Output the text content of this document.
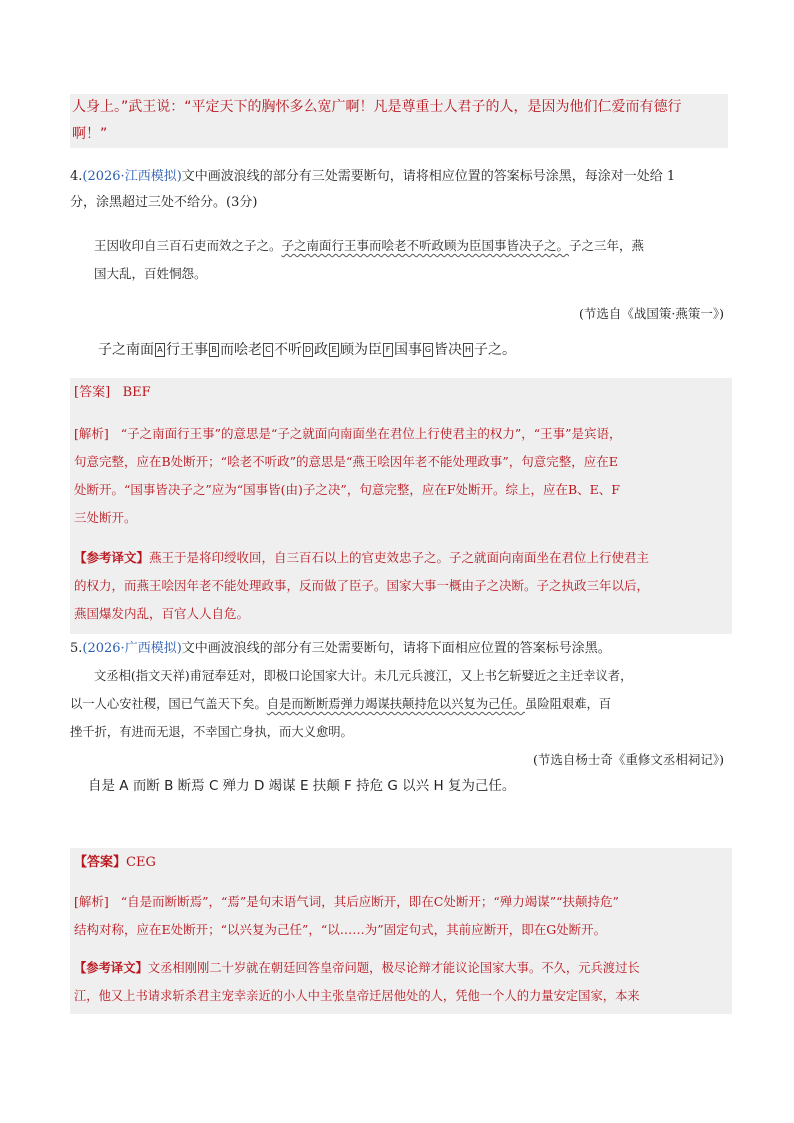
人身上。”武王说：“平定天下的胸怀多么宽广啊！凡是尊重士人君子的人，是因为他们仁爱而有德行

啊！”

4.(2026·江西模拟)文中画波浪线的部分有三处需要断句，请将相应位置的答案标号涂黑，每涂对一处给 1

分，涂黑超过三处不给分。(3分)

王因收印自三百石吏而效之子之。子之南面行王事而哙老不听政顾为臣国事皆决子之。子之三年，燕

国大乱，百姓恫怨。

(节选自《战国策·燕策一》)

子之南面 A 行王事 B 而哙老 C 不听 D 政 E 顾为臣 F 国事 G 皆决 H 子之。

[答案] BEF

[解析] “子之南面行王事”的意思是“子之就面向南面坐在君位上行使君主的权力”，“王事”是宾语，

句意完整，应在B处断开；“哙老不听政”的意思是“燕王哙因年老不能处理政事”，句意完整，应在E

处断开。“国事皆决子之”应为“国事皆(由)子之决”，句意完整，应在F处断开。综上，应在B、E、F

三处断开。

【参考译文】燕王于是将印绶收回，自三百石以上的官吏效忠子之。子之就面向南面坐在君位上行使君主

的权力，而燕王哙因年老不能处理政事，反而做了臣子。国家大事一概由子之决断。子之执政三年以后，

燕国爆发内乱，百官人人自危。

5.(2026·广西模拟)文中画波浪线的部分有三处需要断句，请将下面相应位置的答案标号涂黑。

文丞相(指文天祥)甫冠奉廷对，即极口论国家大计。未几元兵渡江，又上书乞斩嬖近之主迁幸议者，

以一人心安社稷，国已气盖天下矣。自是而断断焉弹力竭谋扶颠持危以兴复为己任。虽险阻艰难，百

挫千折，有进而无退，不幸国亡身执，而大义愈明。

(节选自杨士奇《重修文丞相祠记》)

自是 A 而断 B 断焉 C 殚力 D 竭谋 E 扶颠 F 持危 G 以兴 H 复为己任。

【答案】CEG

[解析] “自是而断断焉”，“焉”是句末语气词，其后应断开，即在C处断开；“殚力竭谋”“扶颠持危”

结构对称，应在E处断开；“以兴复为己任”，“以……为”固定句式，其前应断开，即在G处断开。

【参考译文】文丞相刚刚二十岁就在朝廷回答皇帝问题，极尽论辩才能议论国家大事。不久，元兵渡过长

江，他又上书请求斩杀君主宠幸亲近的小人中主张皇帝迁居他处的人，凭他一个人的力量安定国家，本来
